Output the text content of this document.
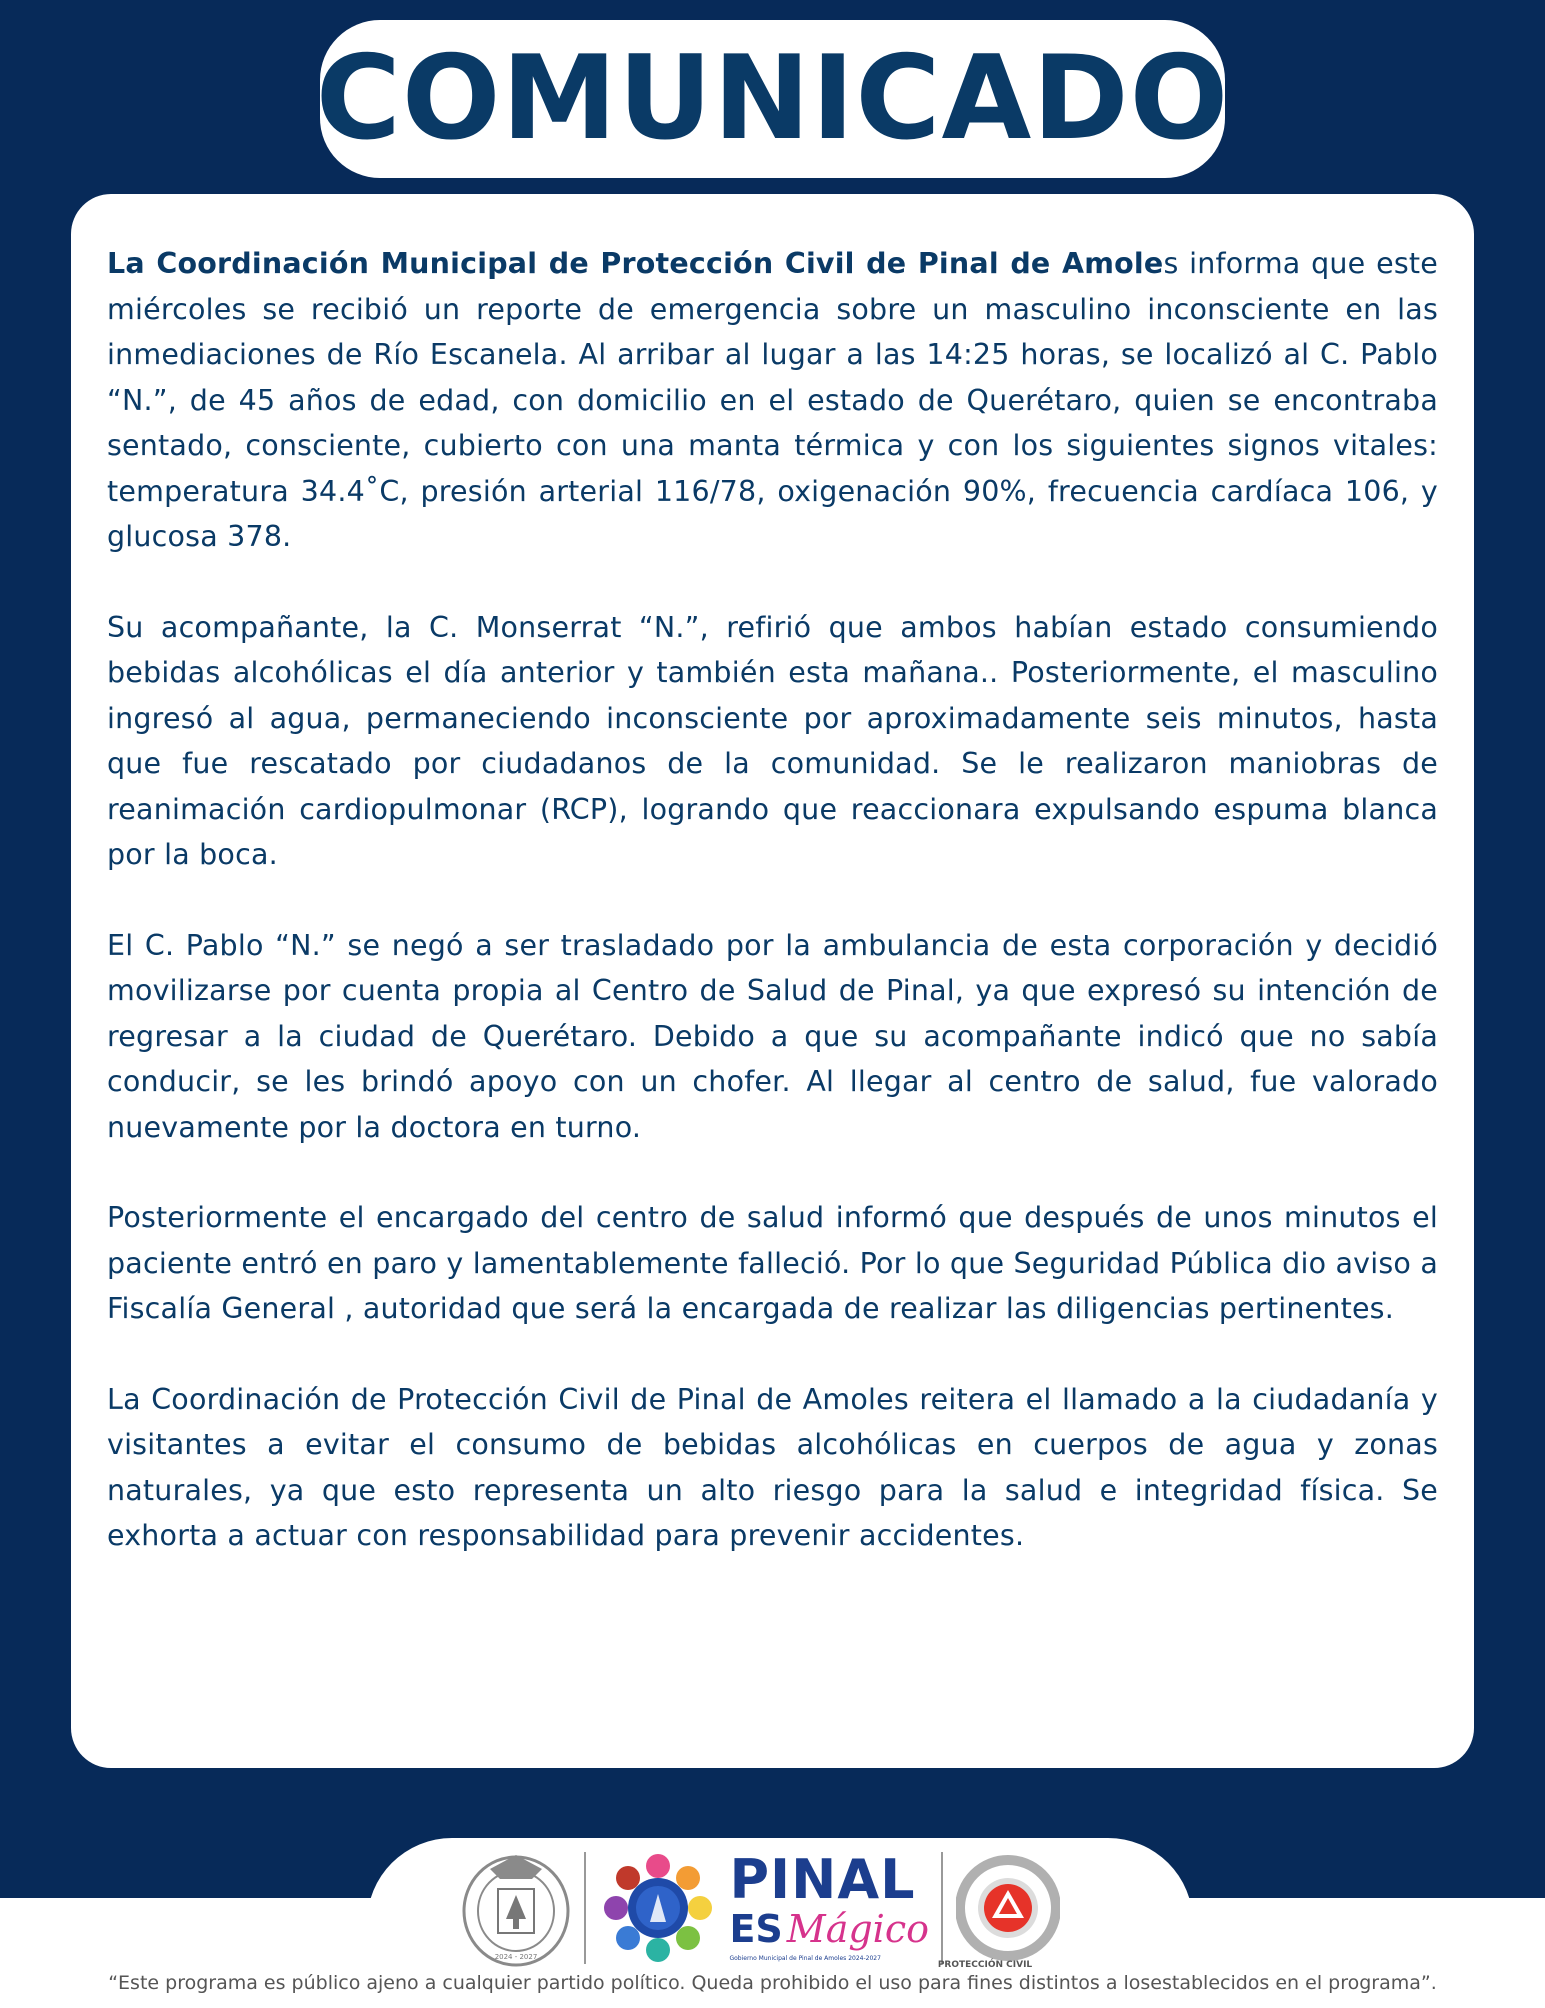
COMUNICADO

La Coordinación Municipal de Protección Civil de Pinal de Amoles informa que este miércoles se recibió un reporte de emergencia sobre un masculino inconsciente en las inmediaciones de Río Escanela. Al arribar al lugar a las 14:25 horas, se localizó al C. Pablo “N.”, de 45 años de edad, con domicilio en el estado de Querétaro, quien se encontraba sentado, consciente, cubierto con una manta térmica y con los siguientes signos vitales: temperatura 34.4˚C, presión arterial 116/78, oxigenación 90%, frecuencia cardíaca 106, y glucosa 378.

Su acompañante, la C. Monserrat “N.”, refirió que ambos habían estado consumiendo bebidas alcohólicas el día anterior y también esta mañana.. Posteriormente, el masculino ingresó al agua, permaneciendo inconsciente por aproximadamente seis minutos, hasta que fue rescatado por ciudadanos de la comunidad. Se le realizaron maniobras de reanimación cardiopulmonar (RCP), logrando que reaccionara expulsando espuma blanca por la boca.

El C. Pablo “N.” se negó a ser trasladado por la ambulancia de esta corporación y decidió movilizarse por cuenta propia al Centro de Salud de Pinal, ya que expresó su intención de regresar a la ciudad de Querétaro. Debido a que su acompañante indicó que no sabía conducir, se les brindó apoyo con un chofer. Al llegar al centro de salud, fue valorado nuevamente por la doctora en turno.

Posteriormente el encargado del centro de salud informó que después de unos minutos el paciente entró en paro y lamentablemente falleció. Por lo que Seguridad Pública dio aviso a Fiscalía General , autoridad que será la encargada de realizar las diligencias pertinentes.

La Coordinación de Protección Civil de Pinal de Amoles reitera el llamado a la ciudadanía y visitantes a evitar el consumo de bebidas alcohólicas en cuerpos de agua y zonas naturales, ya que esto representa un alto riesgo para la salud e integridad física. Se exhorta a actuar con responsabilidad para prevenir accidentes.

2024 - 2027
PINAL
ES Mágico
Gobierno Municipal de Pinal de Amoles 2024-2027
PROTECCIÓN CIVIL
“Este programa es público ajeno a cualquier partido político. Queda prohibido el uso para fines distintos a losestablecidos en el programa”.
